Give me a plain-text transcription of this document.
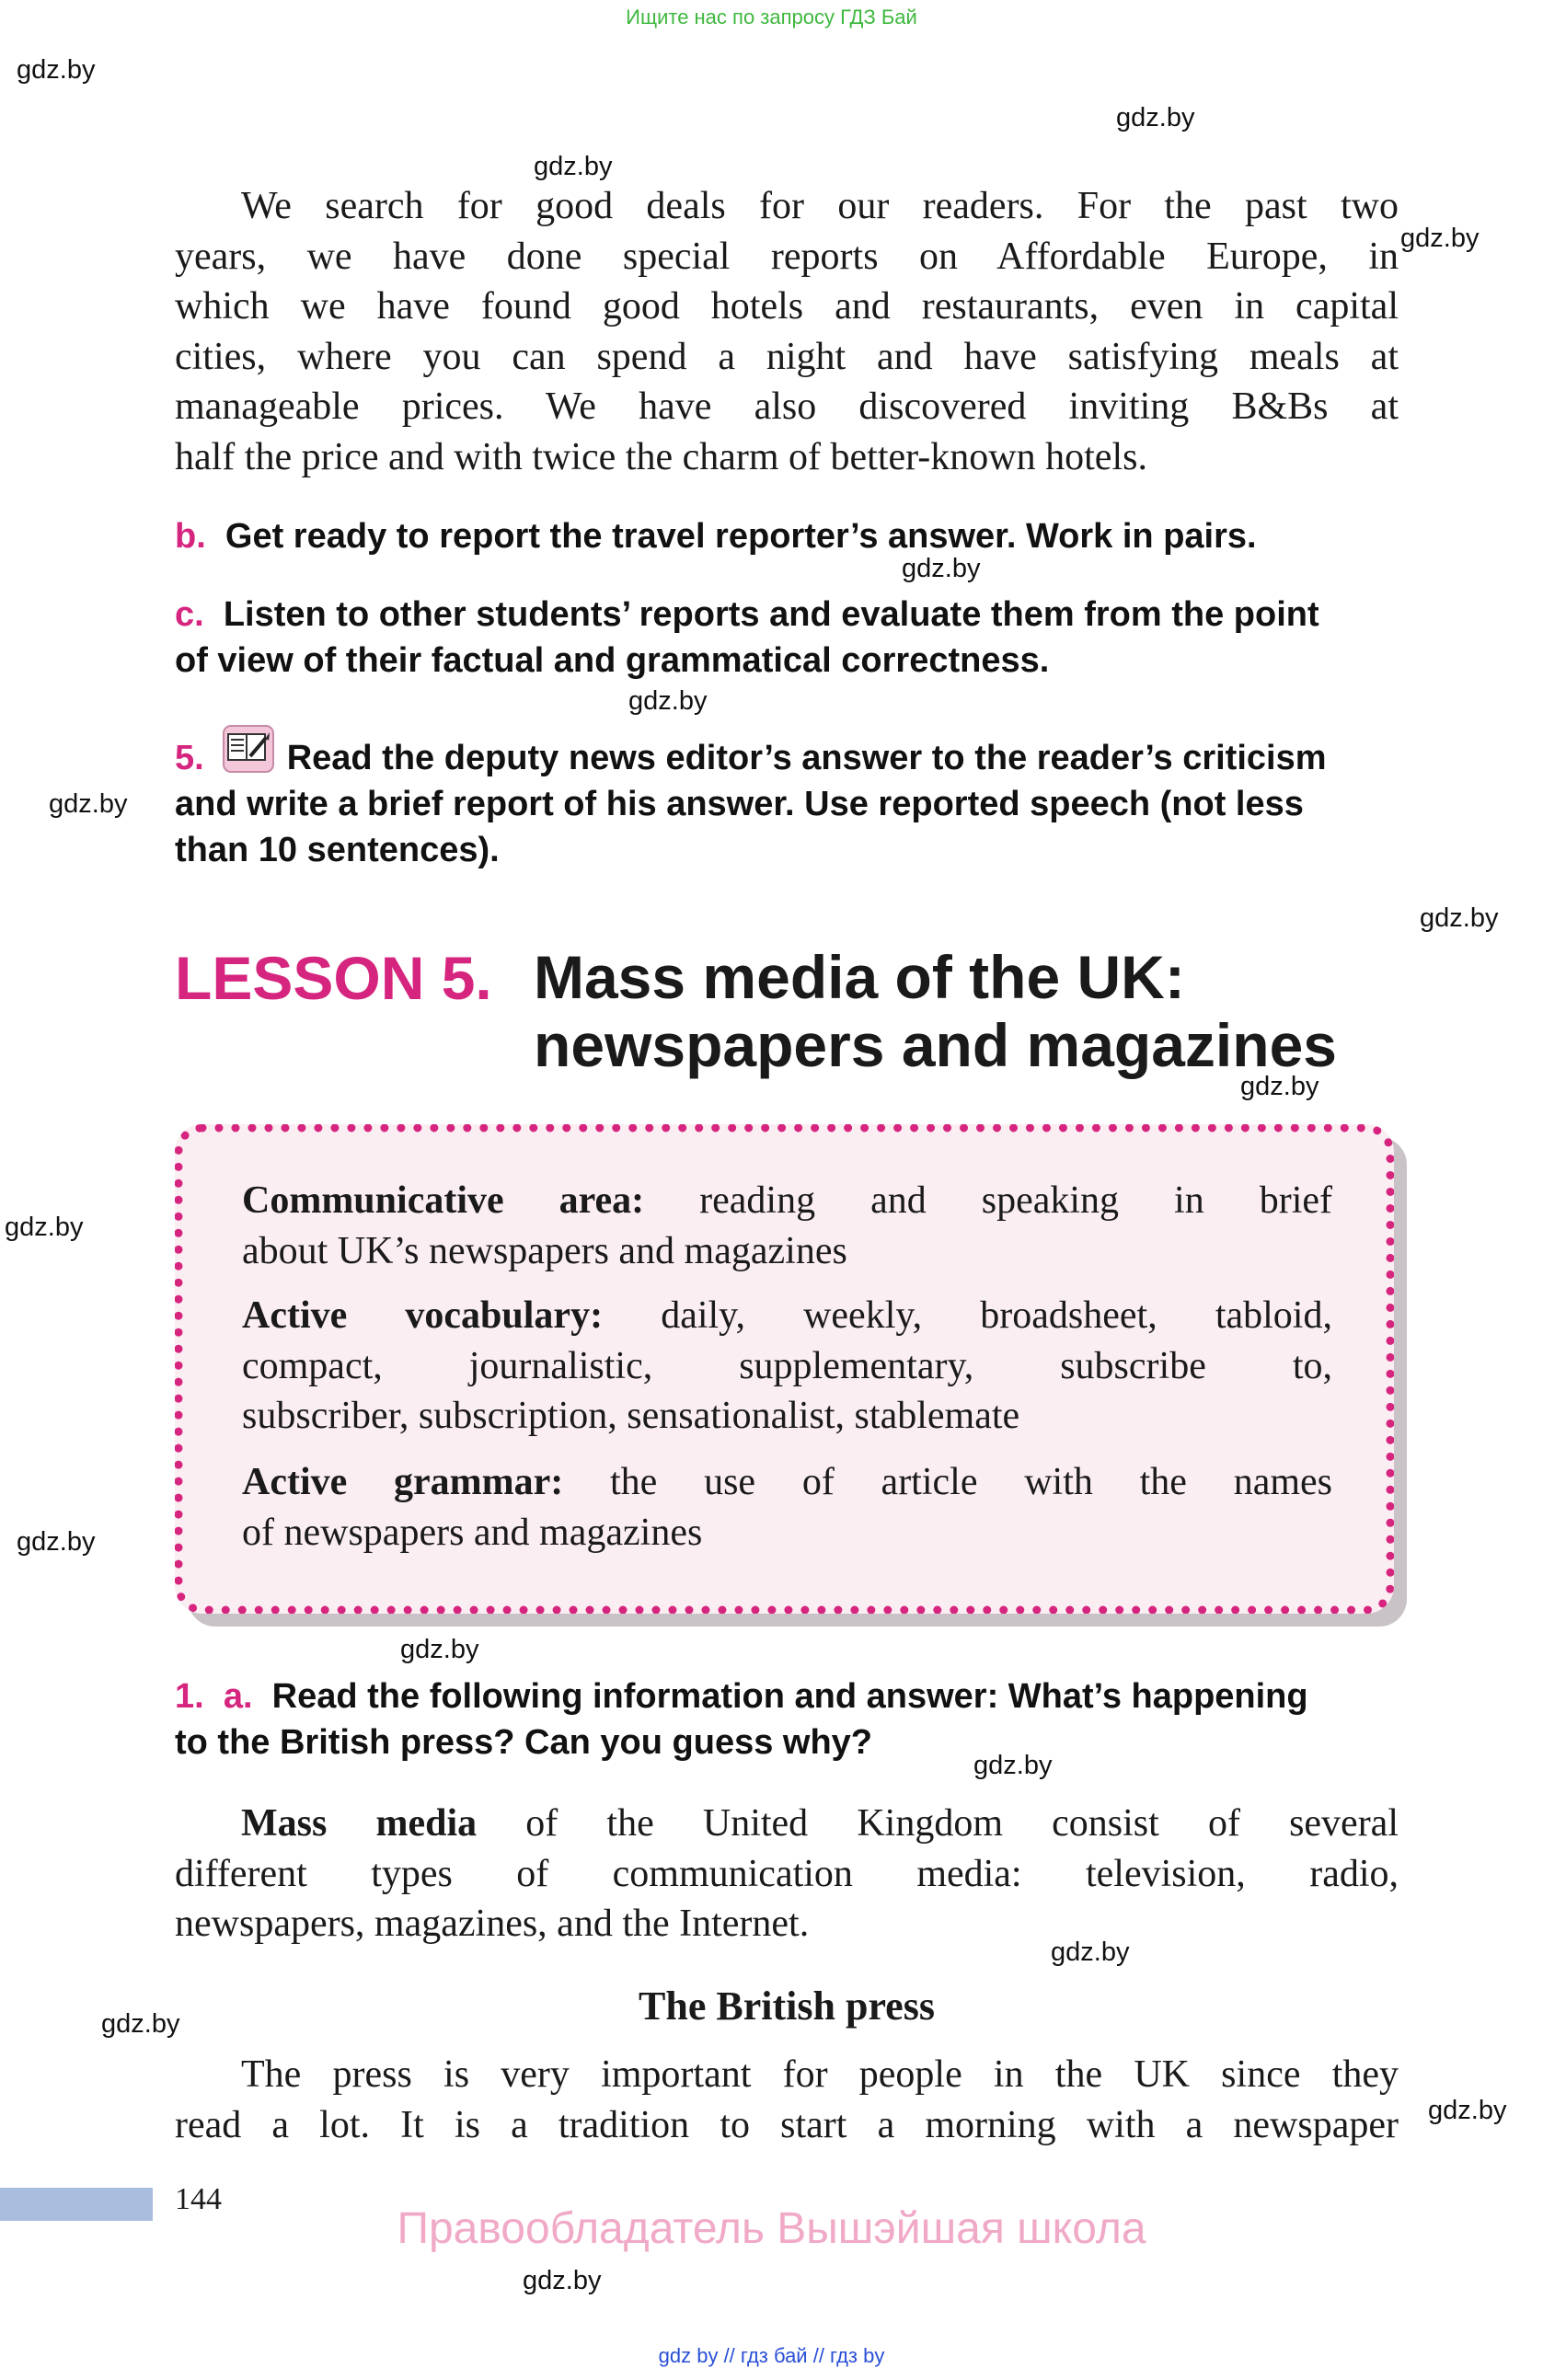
Ищите нас по запросу ГДЗ Бай
gdz.by
gdz.by
gdz.by
gdz.by
gdz.by
gdz.by
gdz.by
gdz.by
gdz.by
gdz.by
gdz.by
gdz.by
gdz.by
gdz.by
gdz.by
gdz.by
gdz.by
We search for good deals for our readers. For the past two
years, we have done special reports on Affordable Europe, in
which we have found good hotels and restaurants, even in capital
cities, where you can spend a night and have satisfying meals at
manageable prices. We have also discovered inviting B&Bs at
half the price and with twice the charm of better-known hotels.
b. Get ready to report the travel reporter’s answer. Work in pairs.
c. Listen to other students’ reports and evaluate them from the point
of view of their factual and grammatical correctness.
5. Read the deputy news editor’s answer to the reader’s criticism
and write a brief report of his answer. Use reported speech (not less
than 10 sentences).
LESSON 5. Mass media of the UK:
newspapers and magazines
Communicative area: reading and speaking in brief
about UK’s newspapers and magazines
Active vocabulary: daily, weekly, broadsheet, tabloid,
compact, journalistic, supplementary, subscribe to,
subscriber, subscription, sensationalist, stablemate
Active grammar: the use of article with the names
of newspapers and magazines
1. a. Read the following information and answer: What’s happening
to the British press? Can you guess why?
Mass media of the United Kingdom consist of several
different types of communication media: television, radio,
newspapers, magazines, and the Internet.
The British press
The press is very important for people in the UK since they
read a lot. It is a tradition to start a morning with a newspaper
144
Правообладатель Вышэйшая школа
gdz by // гдз бай // гдз by
